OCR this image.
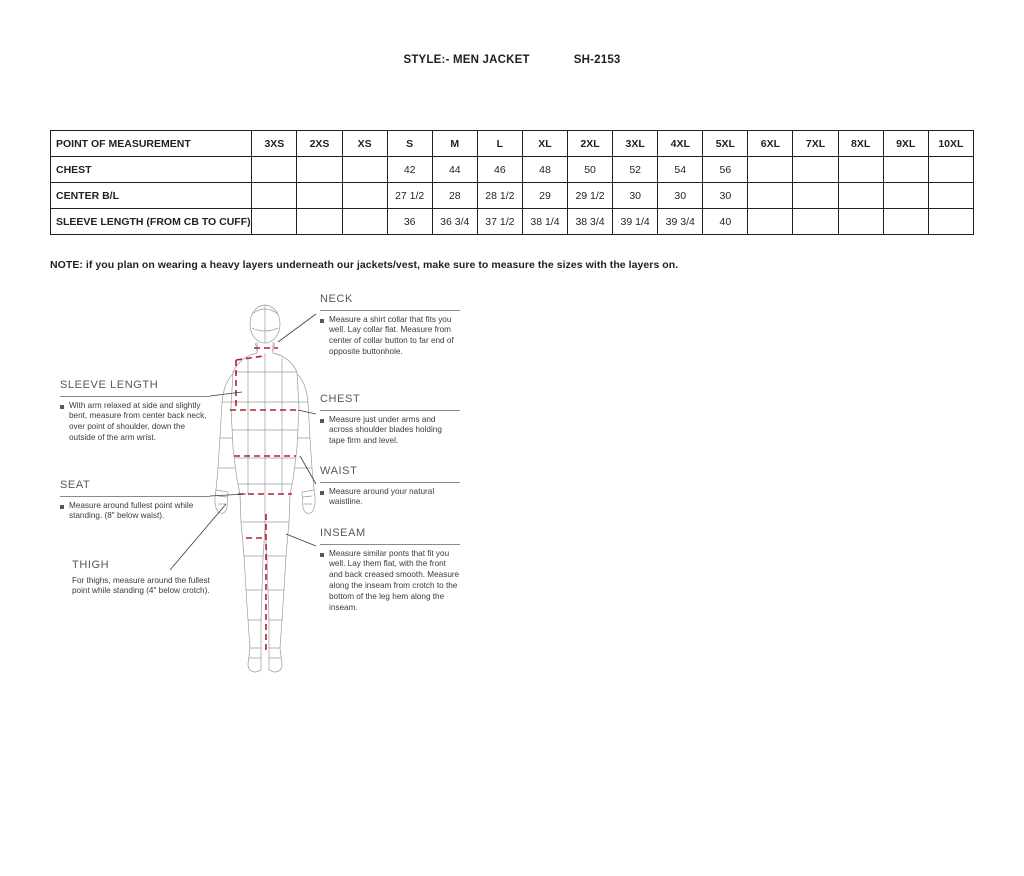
STYLE:- MEN JACKET	SH-2153
POINT OF MEASUREMENT	3XS	2XS	XS	S	M	L	XL	2XL	3XL	4XL	5XL	6XL	7XL	8XL	9XL	10XL
CHEST				42	44	46	48	50	52	54	56					
CENTER B/L				27 1/2	28	28 1/2	29	29 1/2	30	30	30					
SLEEVE LENGTH (FROM CB TO CUFF)				36	36 3/4	37 1/2	38 1/4	38 3/4	39 1/4	39 3/4	40					
NOTE: if you plan on wearing a heavy layers underneath our jackets/vest, make sure to measure the sizes with the layers on.
SLEEVE LENGTH
With arm relaxed at side and slightly bent, measure from center back neck, over point of shoulder, down the outside of the arm wrist.
SEAT
Measure around fullest point while standing. (8" below waist).
THIGH
For thighs, measure around the fullest point while standing (4" below crotch).
NECK
Measure a shirt collar that fits you well. Lay collar flat. Measure from center of collar button to far end of opposite buttonhole.
CHEST
Measure just under arms and across shoulder blades holding tape firm and level.
WAIST
Measure around your natural waistline.
INSEAM
Measure similar ponts that fit you well. Lay them flat, with the front and back creased smooth. Measure along the inseam from crotch to the bottom of the leg hem along the inseam.
